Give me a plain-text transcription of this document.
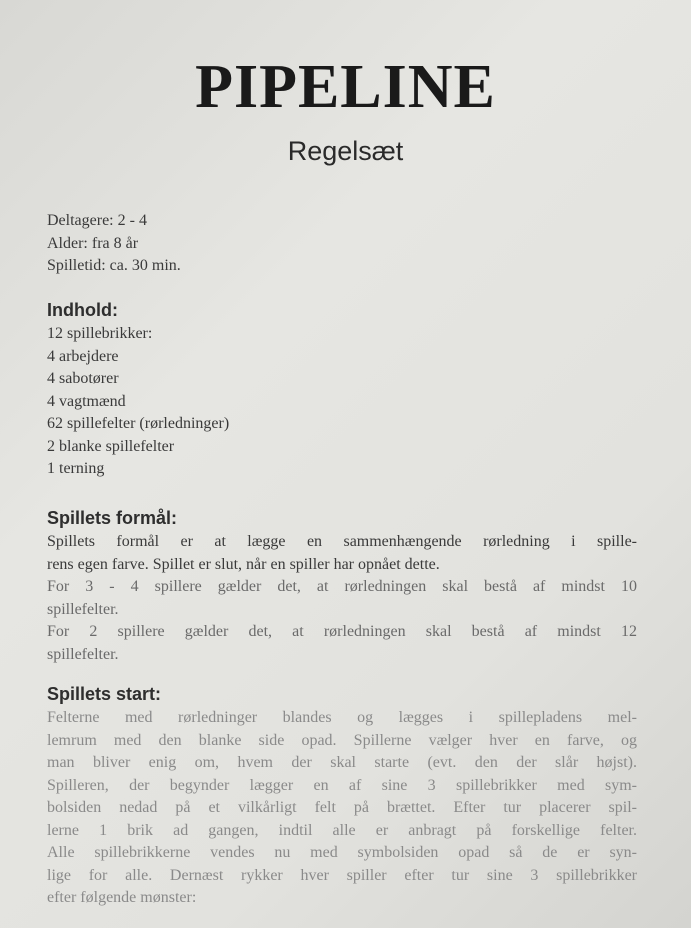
PIPELINE
Regelsæt
Deltagere: 2 - 4
Alder: fra 8 år
Spilletid: ca. 30 min.
Indhold:
12 spillebrikker:
4 arbejdere
4 sabotører
4 vagtmænd
62 spillefelter (rørledninger)
2 blanke spillefelter
1 terning
Spillets formål:
Spillets formål er at lægge en sammenhængende rørledning i spille-
rens egen farve. Spillet er slut, når en spiller har opnået dette.
For 3 - 4 spillere gælder det, at rørledningen skal bestå af mindst 10
spillefelter.
For 2 spillere gælder det, at rørledningen skal bestå af mindst 12
spillefelter.
Spillets start:
Felterne med rørledninger blandes og lægges i spillepladens mel-
lemrum med den blanke side opad. Spillerne vælger hver en farve, og
man bliver enig om, hvem der skal starte (evt. den der slår højst).
Spilleren, der begynder lægger en af sine 3 spillebrikker med sym-
bolsiden nedad på et vilkårligt felt på brættet. Efter tur placerer spil-
lerne 1 brik ad gangen, indtil alle er anbragt på forskellige felter.
Alle spillebrikkerne vendes nu med symbolsiden opad så de er syn-
lige for alle. Dernæst rykker hver spiller efter tur sine 3 spillebrikker
efter følgende mønster:
